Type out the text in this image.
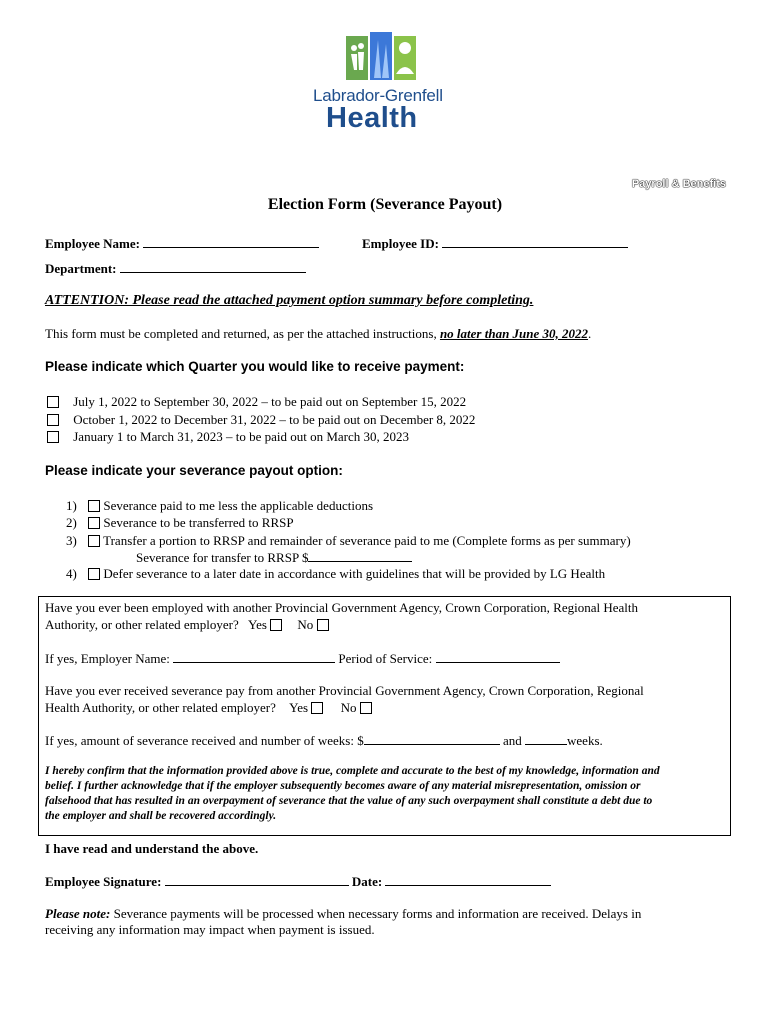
Labrador-Grenfell
Health
Payroll & Benefits
Election Form (Severance Payout)
Employee Name:	Employee ID:
Department:
ATTENTION: Please read the attached payment option summary before completing.
This form must be completed and returned, as per the attached instructions, no later than June 30, 2022.
Please indicate which Quarter you would like to receive payment:
July 1, 2022 to September 30, 2022 – to be paid out on September 15, 2022
October 1, 2022 to December 31, 2022 – to be paid out on December 8, 2022
January 1 to March 31, 2023 – to be paid out on March 30, 2023
Please indicate your severance payout option:
1) Severance paid to me less the applicable deductions
2) Severance to be transferred to RRSP
3) Transfer a portion to RRSP and remainder of severance paid to me (Complete forms as per summary)
Severance for transfer to RRSP $
4) Defer severance to a later date in accordance with guidelines that will be provided by LG Health
Have you ever been employed with another Provincial Government Agency, Crown Corporation, Regional Health
Authority, or other related employer? Yes No
If yes, Employer Name:	Period of Service:
Have you ever received severance pay from another Provincial Government Agency, Crown Corporation, Regional
Health Authority, or other related employer? Yes	No
If yes, amount of severance received and number of weeks: $	and	weeks.
I hereby confirm that the information provided above is true, complete and accurate to the best of my knowledge, information and
belief. I further acknowledge that if the employer subsequently becomes aware of any material misrepresentation, omission or
falsehood that has resulted in an overpayment of severance that the value of any such overpayment shall constitute a debt due to
the employer and shall be recovered accordingly.
I have read and understand the above.
Employee Signature:	Date:
Please note: Severance payments will be processed when necessary forms and information are received. Delays in
receiving any information may impact when payment is issued.
